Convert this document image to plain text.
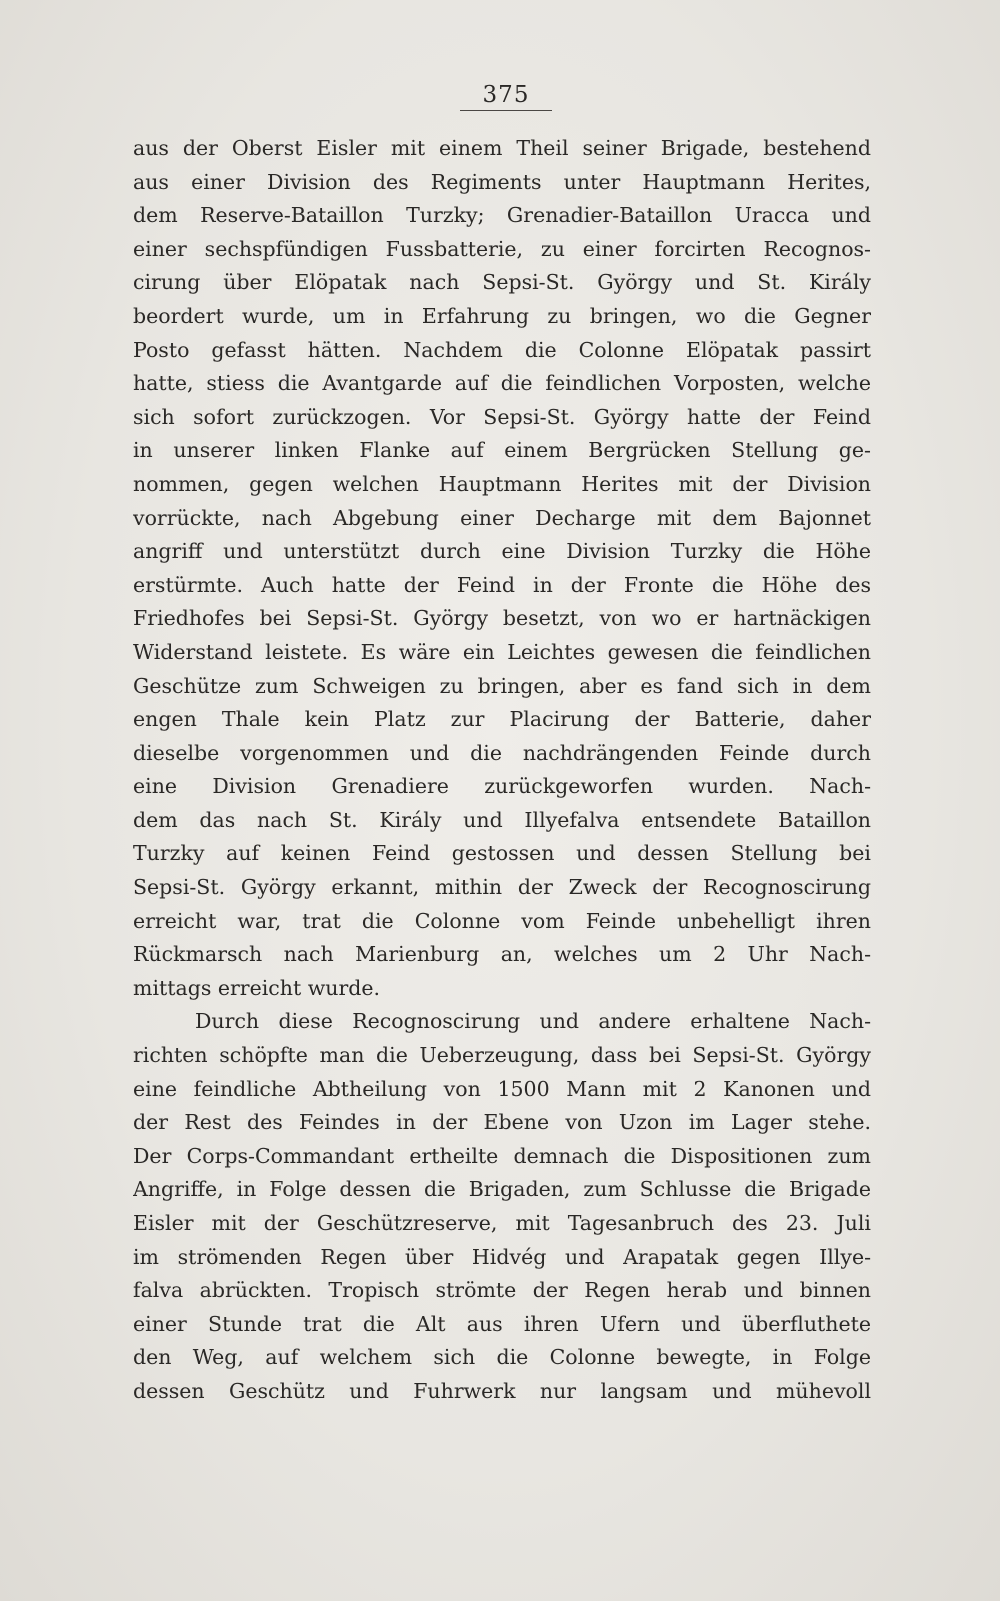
375
aus der Oberst Eisler mit einem Theil seiner Brigade, bestehend
aus einer Division des Regiments unter Hauptmann Herites,
dem Reserve-Bataillon Turzky; Grenadier-Bataillon Uracca und
einer sechspfündigen Fussbatterie, zu einer forcirten Recognos-
cirung über Elöpatak nach Sepsi-St. György und St. Király
beordert wurde, um in Erfahrung zu bringen, wo die Gegner
Posto gefasst hätten. Nachdem die Colonne Elöpatak passirt
hatte, stiess die Avantgarde auf die feindlichen Vorposten, welche
sich sofort zurückzogen. Vor Sepsi-St. György hatte der Feind
in unserer linken Flanke auf einem Bergrücken Stellung ge-
nommen, gegen welchen Hauptmann Herites mit der Division
vorrückte, nach Abgebung einer Decharge mit dem Bajonnet
angriff und unterstützt durch eine Division Turzky die Höhe
erstürmte. Auch hatte der Feind in der Fronte die Höhe des
Friedhofes bei Sepsi-St. György besetzt, von wo er hartnäckigen
Widerstand leistete. Es wäre ein Leichtes gewesen die feindlichen
Geschütze zum Schweigen zu bringen, aber es fand sich in dem
engen Thale kein Platz zur Placirung der Batterie, daher
dieselbe vorgenommen und die nachdrängenden Feinde durch
eine Division Grenadiere zurückgeworfen wurden. Nach-
dem das nach St. Király und Illyefalva entsendete Bataillon
Turzky auf keinen Feind gestossen und dessen Stellung bei
Sepsi-St. György erkannt, mithin der Zweck der Recognoscirung
erreicht war, trat die Colonne vom Feinde unbehelligt ihren
Rückmarsch nach Marienburg an, welches um 2 Uhr Nach-
mittags erreicht wurde.
Durch diese Recognoscirung und andere erhaltene Nach-
richten schöpfte man die Ueberzeugung, dass bei Sepsi-St. György
eine feindliche Abtheilung von 1500 Mann mit 2 Kanonen und
der Rest des Feindes in der Ebene von Uzon im Lager stehe.
Der Corps-Commandant ertheilte demnach die Dispositionen zum
Angriffe, in Folge dessen die Brigaden, zum Schlusse die Brigade
Eisler mit der Geschützreserve, mit Tagesanbruch des 23. Juli
im strömenden Regen über Hidvég und Arapatak gegen Illye-
falva abrückten. Tropisch strömte der Regen herab und binnen
einer Stunde trat die Alt aus ihren Ufern und überfluthete
den Weg, auf welchem sich die Colonne bewegte, in Folge
dessen Geschütz und Fuhrwerk nur langsam und mühevoll
